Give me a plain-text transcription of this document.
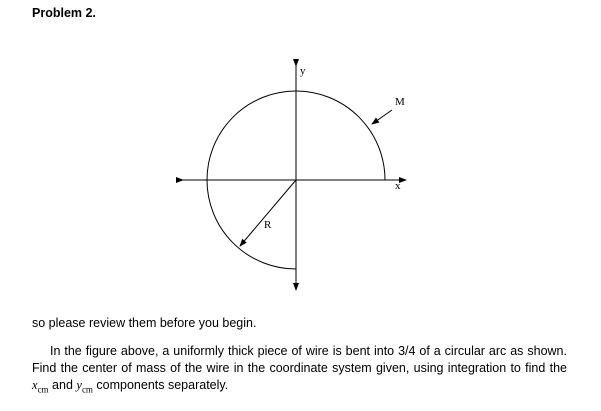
Problem 2.
y
x
M
R
so please review them before you begin.
In the figure above, a uniformly thick piece of wire is bent into 3/4 of a circular arc as shown. Find the center of mass of the wire in the coordinate system given, using integration to find the $x_{cm}$ and $y_{cm}$ components separately.
